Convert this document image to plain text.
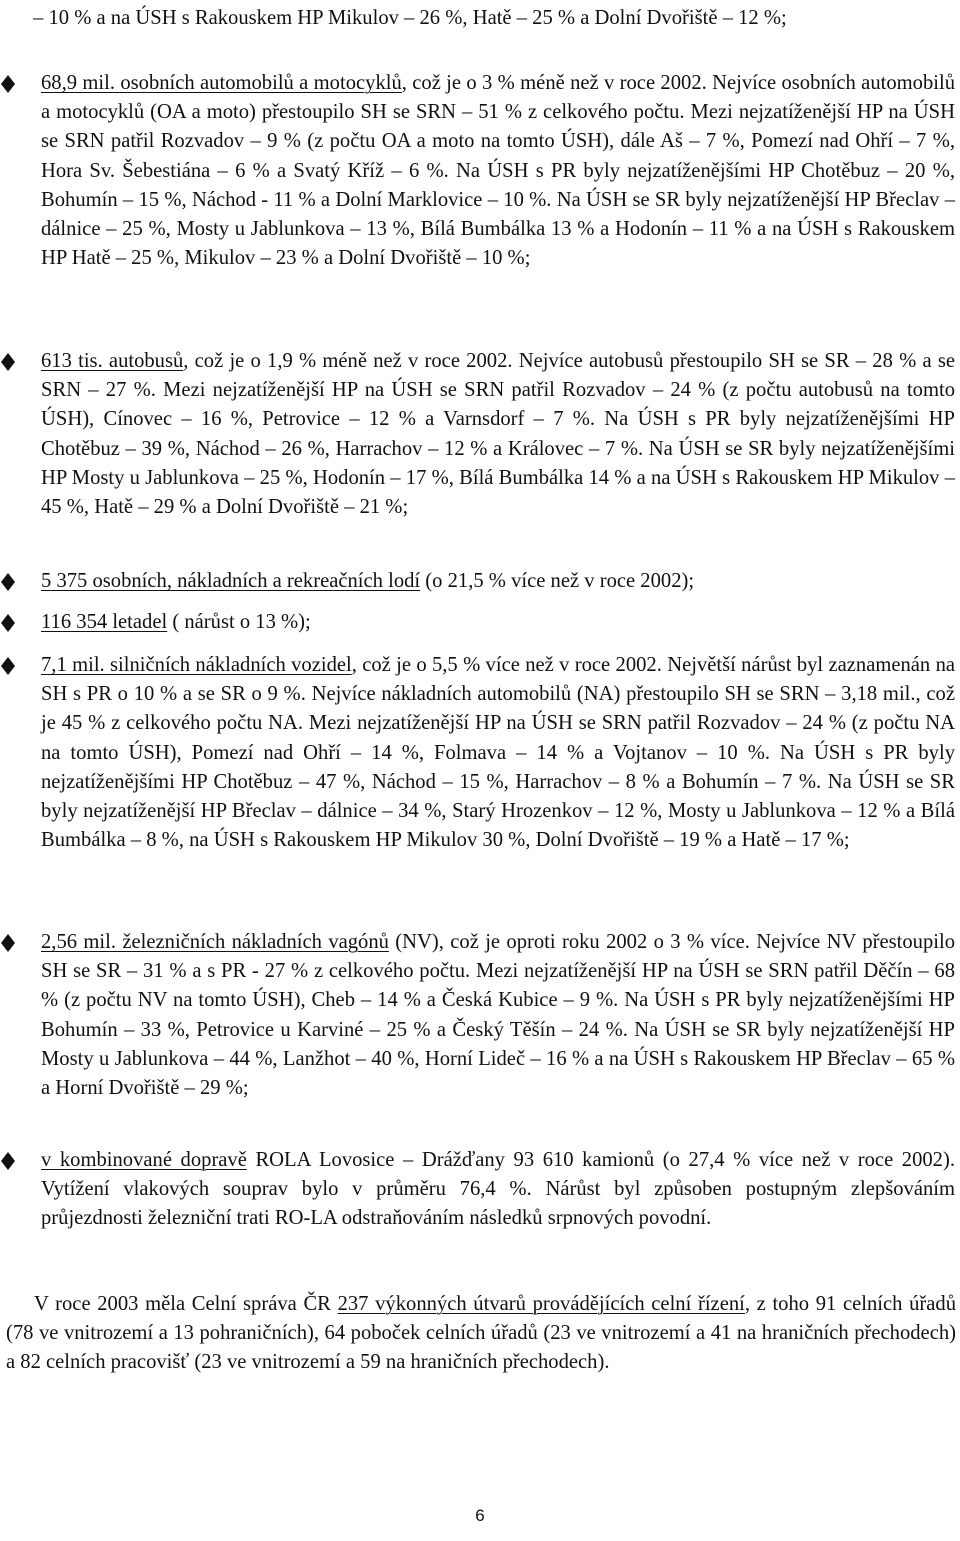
– 10 % a na ÚSH s Rakouskem HP Mikulov – 26 %, Hatě – 25 % a Dolní Dvořiště – 12 %;

68,9 mil. osobních automobilů a motocyklů, což je o 3 % méně než v roce 2002. Nejvíce osobních automobilů a motocyklů (OA a moto) přestoupilo SH se SRN – 51 % z celkového počtu. Mezi nejzatíženější HP na ÚSH se SRN patřil Rozvadov – 9 % (z počtu OA a moto na tomto ÚSH), dále Aš – 7 %, Pomezí nad Ohří – 7 %, Hora Sv. Šebestiána – 6 % a Svatý Kříž – 6 %. Na ÚSH s PR byly nejzatíženějšími HP Chotěbuz – 20 %, Bohumín – 15 %, Náchod - 11 % a Dolní Marklovice – 10 %. Na ÚSH se SR byly nejzatíženější HP Břeclav – dálnice – 25 %, Mosty u Jablunkova – 13 %, Bílá Bumbálka 13 % a Hodonín – 11 % a na ÚSH s Rakouskem HP Hatě – 25 %, Mikulov – 23 % a Dolní Dvořiště – 10 %;

613 tis. autobusů, což je o 1,9 % méně než v roce 2002. Nejvíce autobusů přestoupilo SH se SR – 28 % a se SRN – 27 %. Mezi nejzatíženější HP na ÚSH se SRN patřil Rozvadov – 24 % (z počtu autobusů na tomto ÚSH), Cínovec – 16 %, Petrovice – 12 % a Varnsdorf – 7 %. Na ÚSH s PR byly nejzatíženějšími HP Chotěbuz – 39 %, Náchod – 26 %, Harrachov – 12 % a Královec – 7 %. Na ÚSH se SR byly nejzatíženějšími HP Mosty u Jablunkova – 25 %, Hodonín – 17 %, Bílá Bumbálka 14 % a na ÚSH s Rakouskem HP Mikulov – 45 %, Hatě – 29 % a Dolní Dvořiště – 21 %;

5 375 osobních, nákladních a rekreačních lodí (o 21,5 % více než v roce 2002);

116 354 letadel ( nárůst o 13 %);

7,1 mil. silničních nákladních vozidel, což je o 5,5 % více než v roce 2002. Největší nárůst byl zaznamenán na SH s PR o 10 % a se SR o 9 %. Nejvíce nákladních automobilů (NA) přestoupilo SH se SRN – 3,18 mil., což je 45 % z celkového počtu NA. Mezi nejzatíženější HP na ÚSH se SRN patřil Rozvadov – 24 % (z počtu NA na tomto ÚSH), Pomezí nad Ohří – 14 %, Folmava – 14 % a Vojtanov – 10 %. Na ÚSH s PR byly nejzatíženějšími HP Chotěbuz – 47 %, Náchod – 15 %, Harrachov – 8 % a Bohumín – 7 %. Na ÚSH se SR byly nejzatíženější HP Břeclav – dálnice – 34 %, Starý Hrozenkov – 12 %, Mosty u Jablunkova – 12 % a Bílá Bumbálka – 8 %, na ÚSH s Rakouskem HP Mikulov 30 %, Dolní Dvořiště – 19 % a Hatě – 17 %;

2,56 mil. železničních nákladních vagónů (NV), což je oproti roku 2002 o 3 % více. Nejvíce NV přestoupilo SH se SR – 31 % a s PR - 27 % z celkového počtu. Mezi nejzatíženější HP na ÚSH se SRN patřil Děčín – 68 % (z počtu NV na tomto ÚSH), Cheb – 14 % a Česká Kubice – 9 %. Na ÚSH s PR byly nejzatíženějšími HP Bohumín – 33 %, Petrovice u Karviné – 25 % a Český Těšín – 24 %. Na ÚSH se SR byly nejzatíženější HP Mosty u Jablunkova – 44 %, Lanžhot – 40 %, Horní Lideč – 16 % a na ÚSH s Rakouskem HP Břeclav – 65 % a Horní Dvořiště – 29 %;

v kombinované dopravě ROLA Lovosice – Drážďany 93 610 kamionů (o 27,4 % více než v roce 2002). Vytížení vlakových souprav bylo v průměru 76,4 %. Nárůst byl způsoben postupným zlepšováním průjezdnosti železniční trati RO-LA odstraňováním následků srpnových povodní.

V roce 2003 měla Celní správa ČR 237 výkonných útvarů provádějících celní řízení, z toho 91 celních úřadů (78 ve vnitrozemí a 13 pohraničních), 64 poboček celních úřadů (23 ve vnitrozemí a 41 na hraničních přechodech) a 82 celních pracovišť (23 ve vnitrozemí a 59 na hraničních přechodech).

6
